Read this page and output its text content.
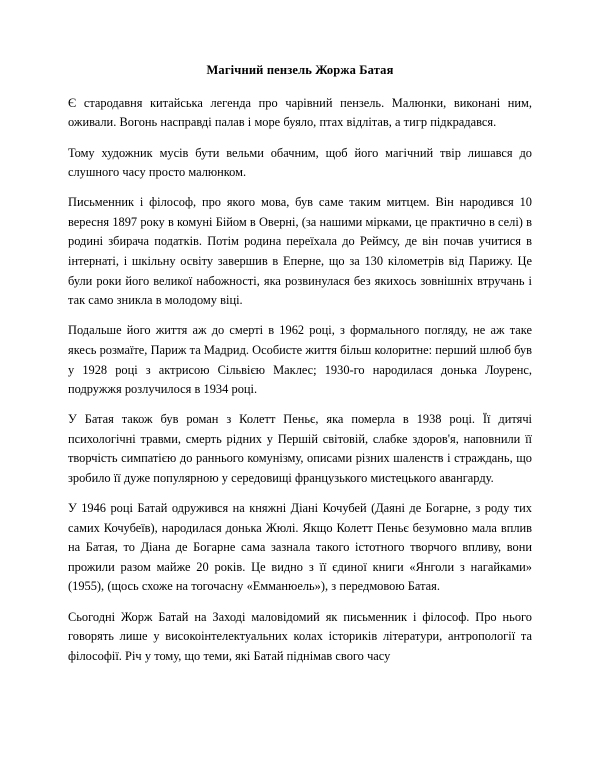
Магічний пензель Жоржа Батая

Є стародавня китайська легенда про чарівний пензель. Малюнки, виконані ним, оживали. Вогонь насправді палав і море буяло, птах відлітав, а тигр підкрадався.

Тому художник мусів бути вельми обачним, щоб його магічний твір лишався до слушного часу просто малюнком.

Письменник і філософ, про якого мова, був саме таким митцем. Він народився 10 вересня 1897 року в комуні Бійом в Овернi, (за нашими мірками, це практично в селі) в родині збирача податків. Потім родина переїхала до Реймсу, де він почав учитися в інтернаті, і шкільну освіту завершив в Еперне, що за 130 кілометрів від Парижу. Це були роки його великої набожності, яка розвинулася без якихось зовнішніх втручань і так само зникла в молодому віці.

Подальше його життя аж до смерті в 1962 році, з формального погляду, не аж таке якесь розмаїте, Париж та Мадрид. Особисте життя більш колоритне: перший шлюб був у 1928 році з актрисою Сільвією Маклес; 1930-го народилася донька Лоуренс, подружжя розлучилося в 1934 році.

У Батая також був роман з Колетт Пеньє, яка померла в 1938 році. Її дитячі психологічні травми, смерть рідних у Першій світовій, слабке здоров'я, наповнили її творчість симпатією до раннього комунізму, описами різних шаленств і страждань, що зробило її дуже популярною у середовищі французького мистецького авангарду.

У 1946 році Батай одружився на княжні Діані Кочубей (Даяні де Богарне, з роду тих самих Кочубеїв), народилася донька Жюлі. Якщо Колетт Пеньє безумовно мала вплив на Батая, то Діана де Богарне сама зазнала такого істотного творчого впливу, вони прожили разом майже 20 років. Це видно з її єдиної книги «Янголи з нагайками» (1955), (щось схоже на тогочасну «Емманюель»), з передмовою Батая.

Сьогодні Жорж Батай на Заході маловідомий як письменник і філософ. Про нього говорять лише у високоінтелектуальних колах істориків літератури, антропології та філософії. Річ у тому, що теми, які Батай піднімав свого часу
